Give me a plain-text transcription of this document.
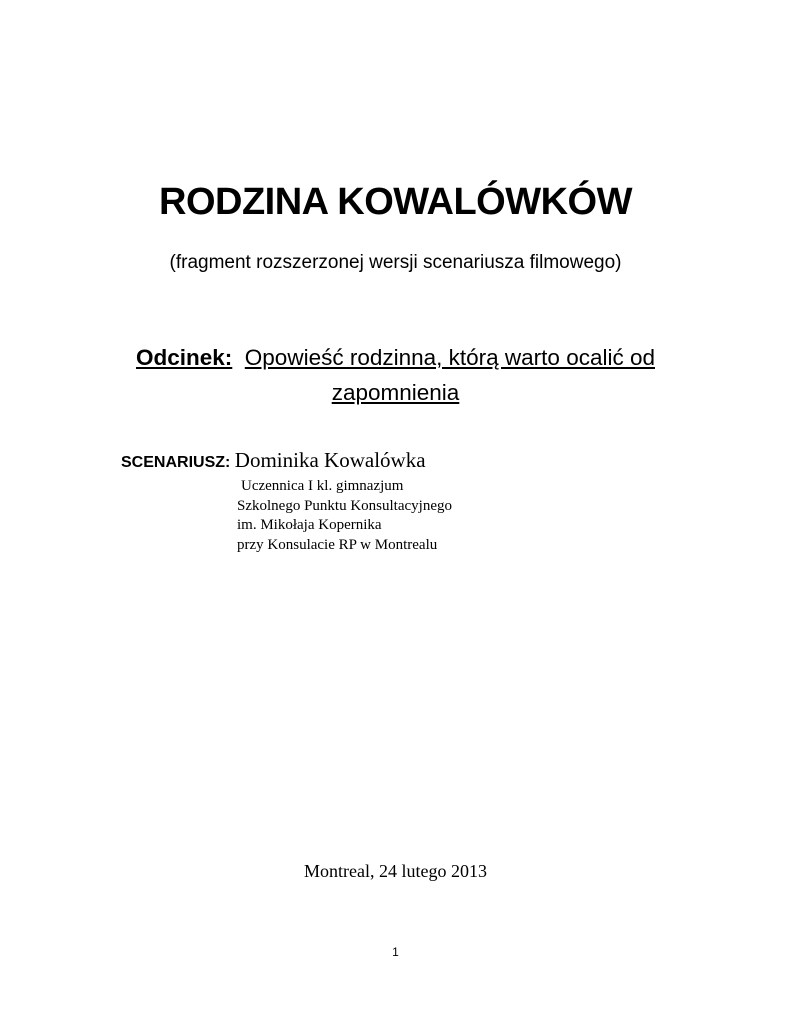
RODZINA KOWALÓWKÓW
(fragment rozszerzonej wersji scenariusza filmowego)
Odcinek: Opowieść rodzinna, którą warto ocalić od zapomnienia
SCENARIUSZ: Dominika Kowalówka
Uczennica I kl. gimnazjum
Szkolnego Punktu Konsultacyjnego
im. Mikołaja Kopernika
przy Konsulacie RP w Montrealu
Montreal, 24 lutego 2013
1
